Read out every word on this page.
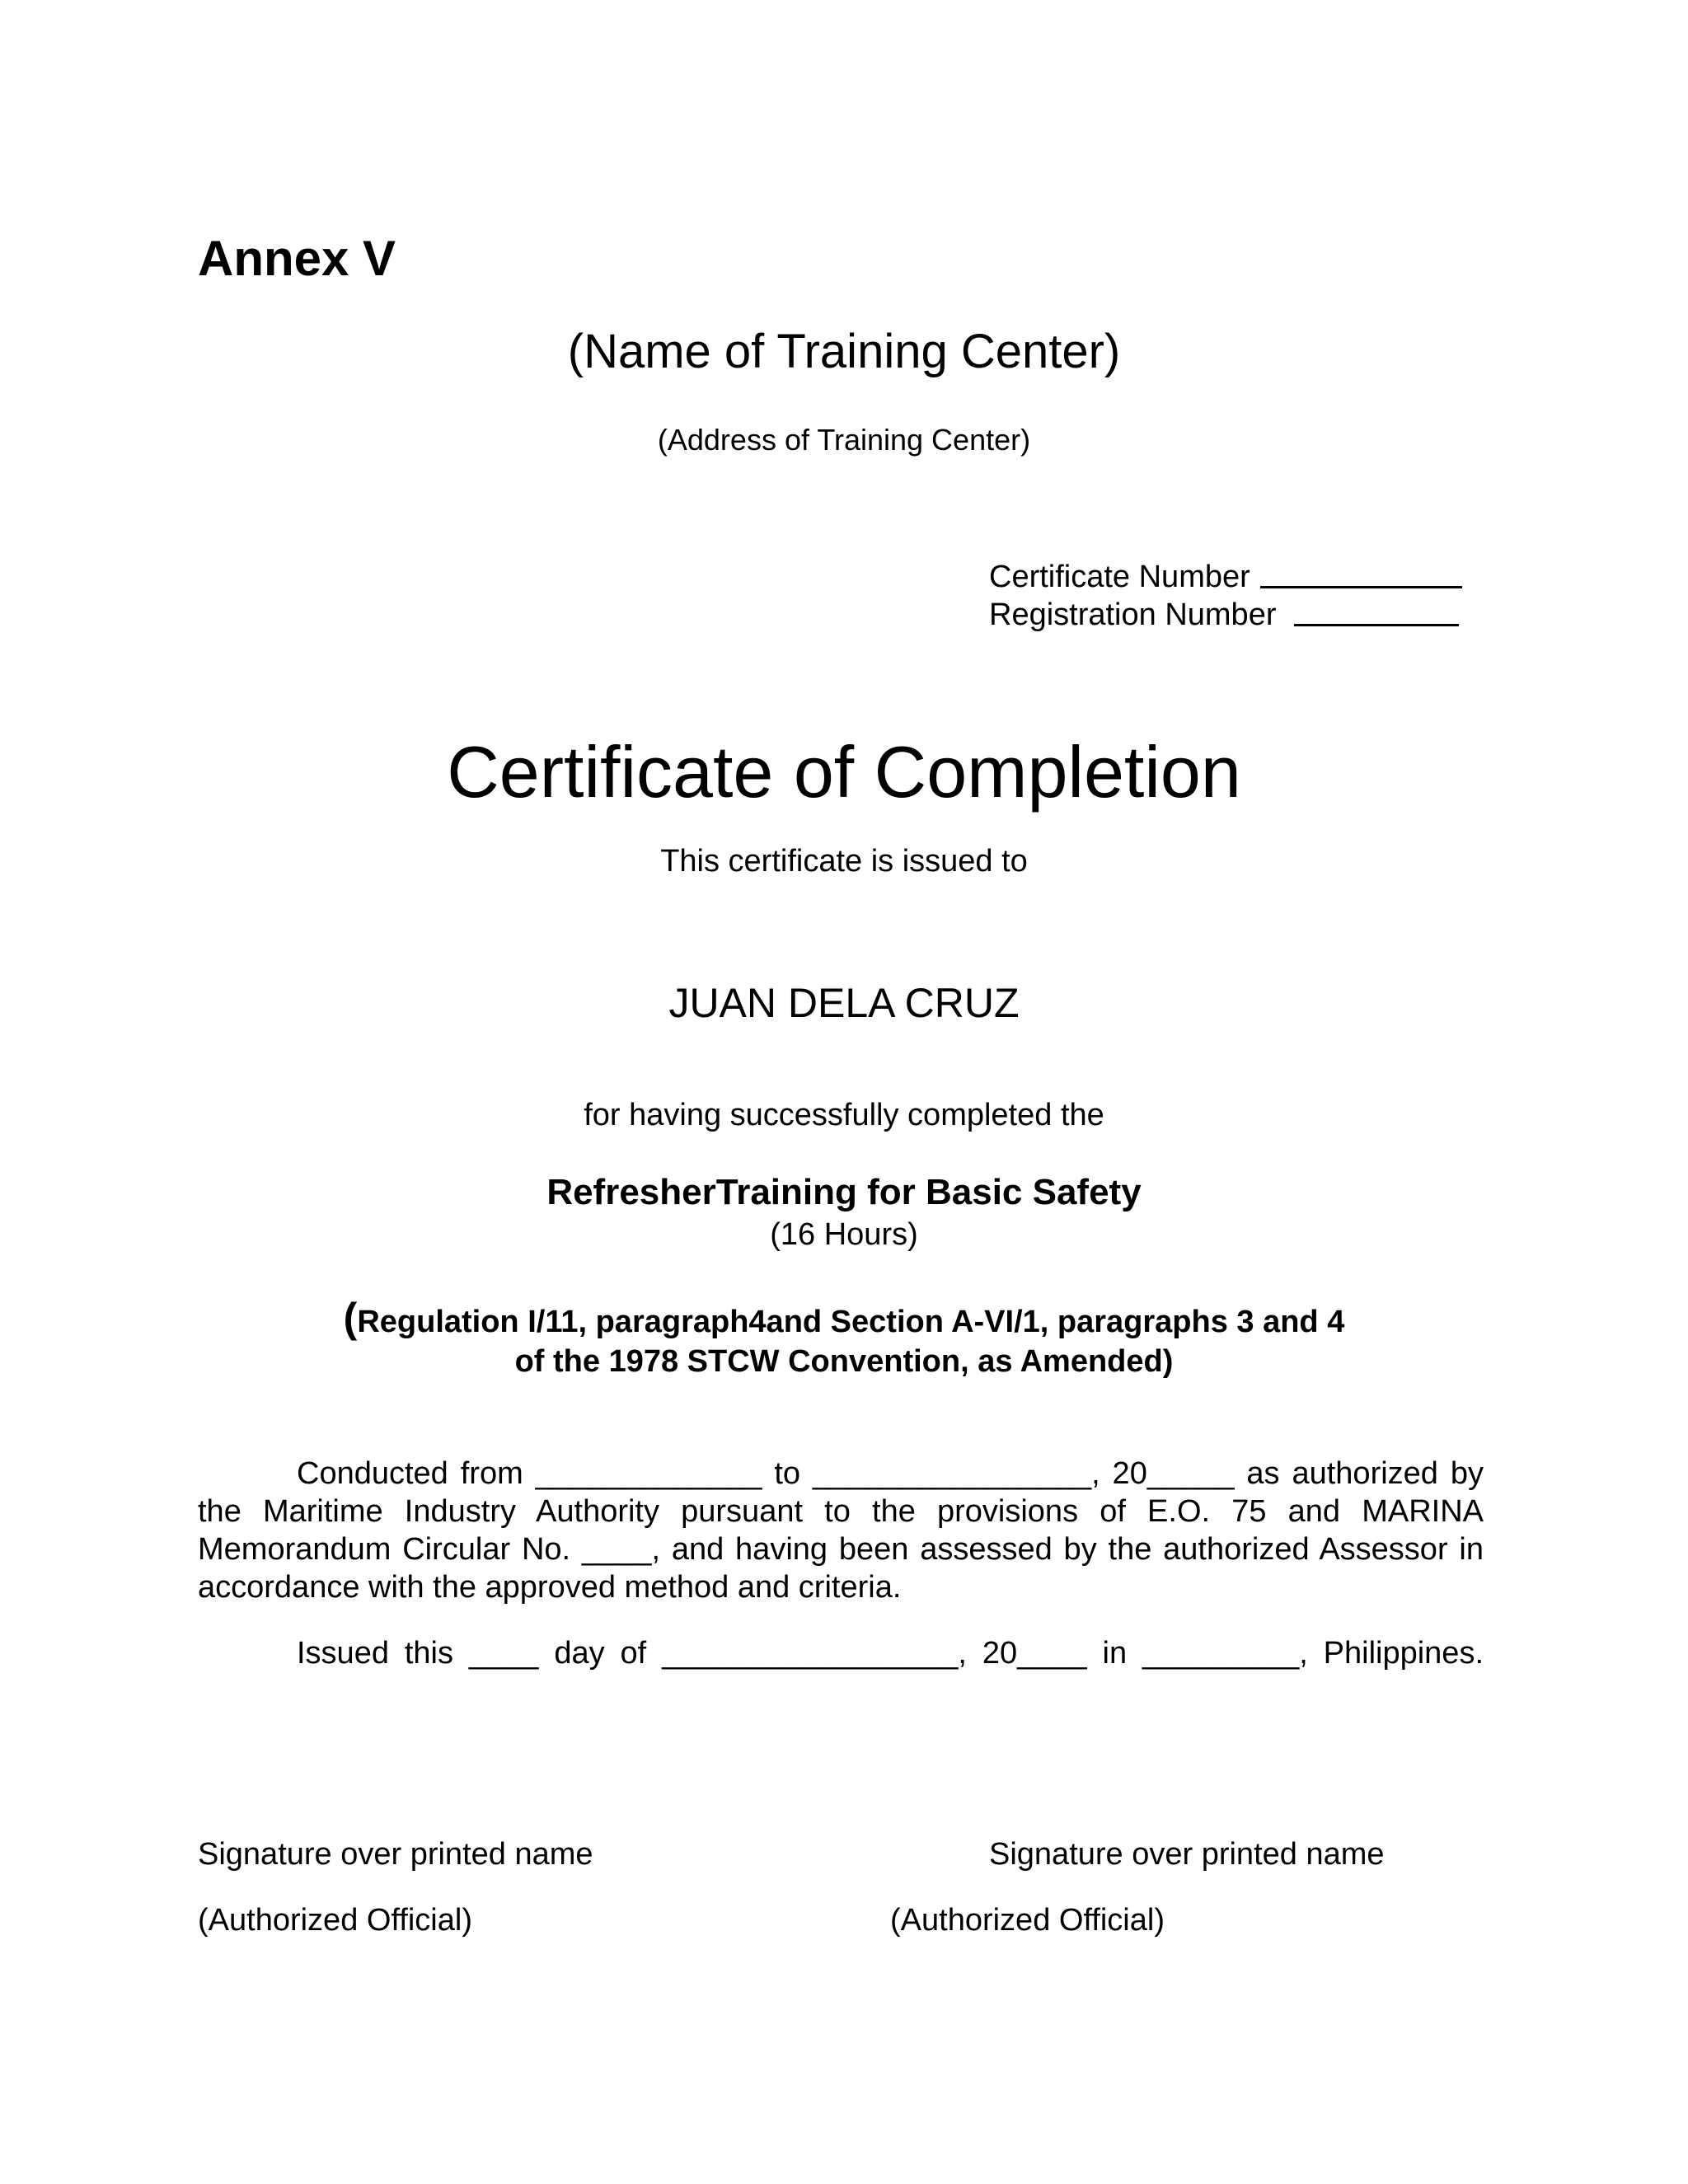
Annex V
(Name of Training Center)
(Address of Training Center)
Certificate Number
Registration Number
Certificate of Completion
This certificate is issued to
JUAN DELA CRUZ
for having successfully completed the
RefresherTraining for Basic Safety
(16 Hours)
(Regulation I/11, paragraph4and Section A-VI/1, paragraphs 3 and 4
of the 1978 STCW Convention, as Amended)
Conducted from _____________ to ________________, 20_____ as authorized by the Maritime Industry Authority pursuant to the provisions of E.O. 75 and MARINA Memorandum Circular No. ____, and having been assessed by the authorized Assessor in accordance with the approved method and criteria.
Issued this ____ day of _________________, 20____ in _________, Philippines.
Signature over printed name	Signature over printed name
(Authorized Official)	(Authorized Official)
